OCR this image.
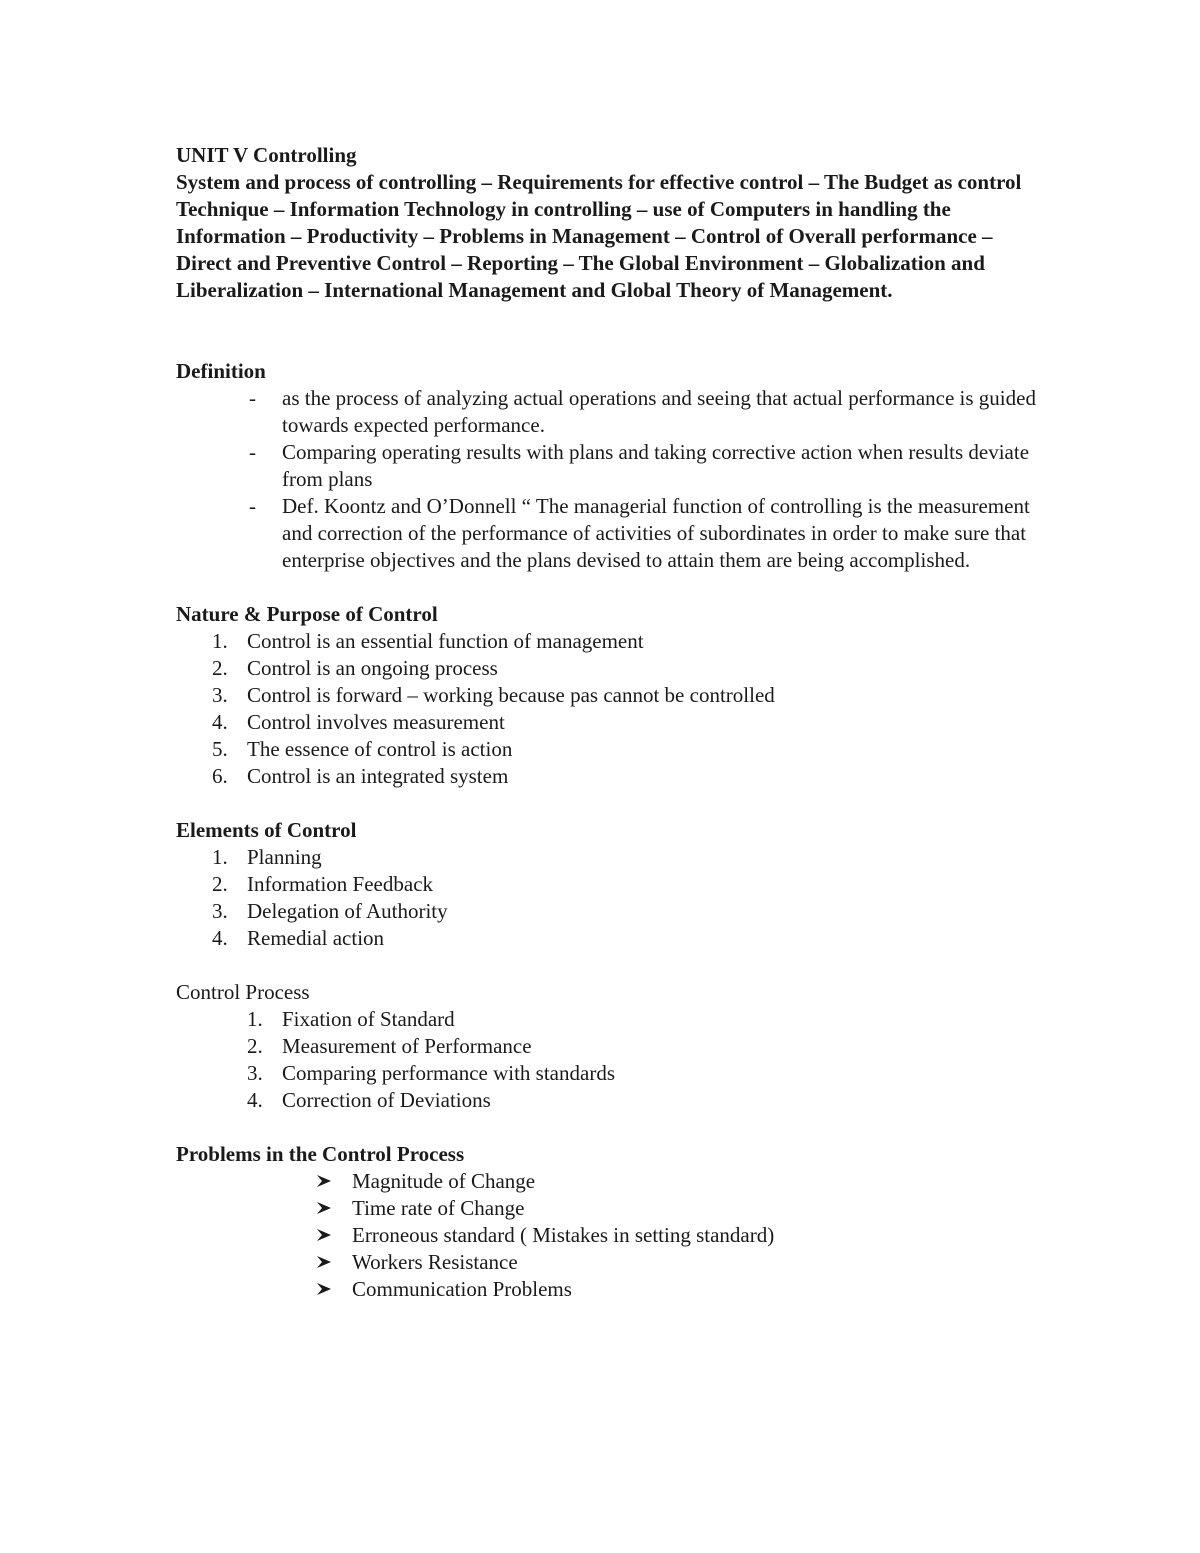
UNIT V Controlling

System and process of controlling – Requirements for effective control – The Budget as control Technique – Information Technology in controlling – use of Computers in handling the Information – Productivity – Problems in Management – Control of Overall performance – Direct and Preventive Control – Reporting – The Global Environment – Globalization and Liberalization – International Management and Global Theory of Management.

Definition
- as the process of analyzing actual operations and seeing that actual performance is guided towards expected performance.
- Comparing operating results with plans and taking corrective action when results deviate from plans
- Def. Koontz and O’Donnell “ The managerial function of controlling is the measurement and correction of the performance of activities of subordinates in order to make sure that enterprise objectives and the plans devised to attain them are being accomplished.
Nature & Purpose of Control
1. Control is an essential function of management
2. Control is an ongoing process
3. Control is forward – working because pas cannot be controlled
4. Control involves measurement
5. The essence of control is action
6. Control is an integrated system
Elements of Control
1. Planning
2. Information Feedback
3. Delegation of Authority
4. Remedial action
Control Process
1. Fixation of Standard
2. Measurement of Performance
3. Comparing performance with standards
4. Correction of Deviations
Problems in the Control Process
Magnitude of Change
Time rate of Change
Erroneous standard ( Mistakes in setting standard)
Workers Resistance
Communication Problems
